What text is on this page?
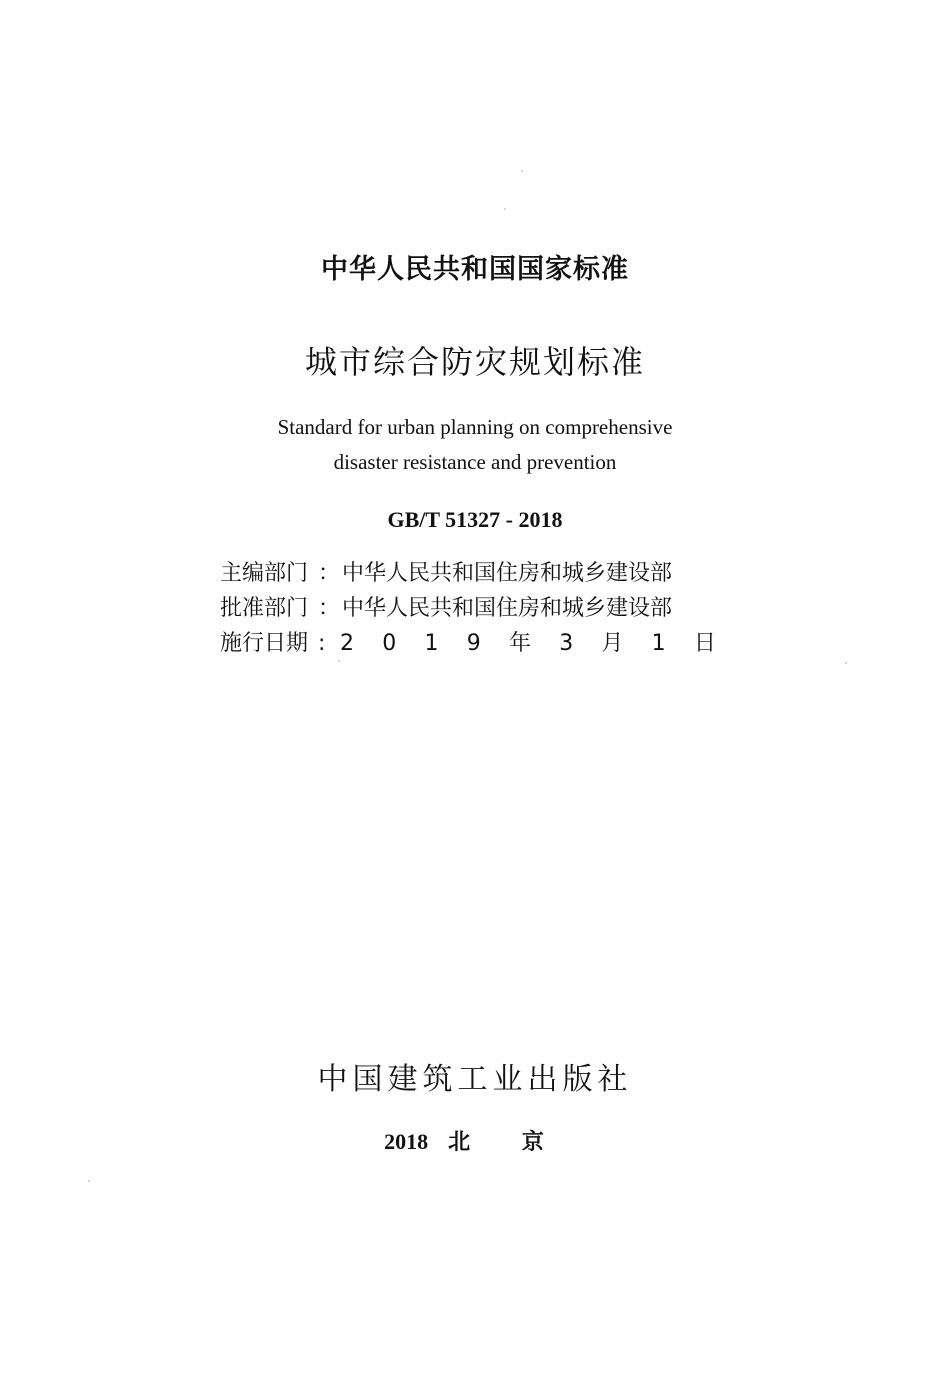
中华人民共和国国家标准
城市综合防灾规划标准
Standard for urban planning on comprehensive
disaster resistance and prevention
GB/T 51327 - 2018
主编部门 ： 中华人民共和国住房和城乡建设部
批准部门 ： 中华人民共和国住房和城乡建设部
施行日期 : 2 0 1 9 年 3 月 1 日
中国建筑工业出版社
2018 北 京
